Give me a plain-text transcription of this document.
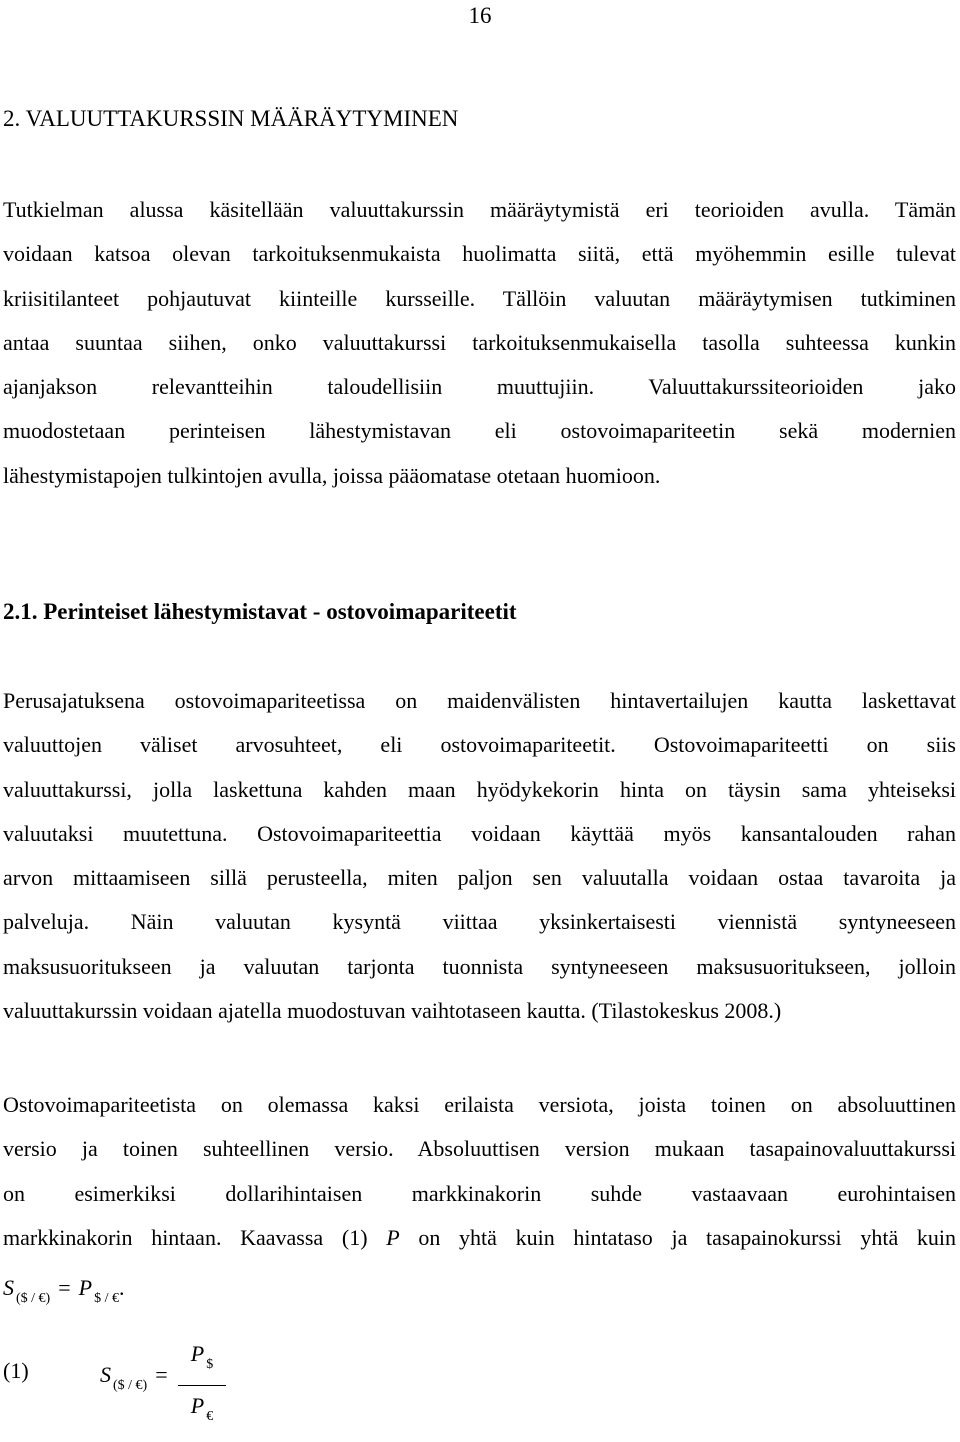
16
2. VALUUTTAKURSSIN MÄÄRÄYTYMINEN
Tutkielman alussa käsitellään valuuttakurssin määräytymistä eri teorioiden avulla. Tämän
voidaan katsoa olevan tarkoituksenmukaista huolimatta siitä, että myöhemmin esille tulevat
kriisitilanteet pohjautuvat kiinteille kursseille. Tällöin valuutan määräytymisen tutkiminen
antaa suuntaa siihen, onko valuuttakurssi tarkoituksenmukaisella tasolla suhteessa kunkin
ajanjakson relevantteihin taloudellisiin muuttujiin. Valuuttakurssiteorioiden jako
muodostetaan perinteisen lähestymistavan eli ostovoimapariteetin sekä modernien
lähestymistapojen tulkintojen avulla, joissa pääomatase otetaan huomioon.
2.1. Perinteiset lähestymistavat - ostovoimapariteetit
Perusajatuksena ostovoimapariteetissa on maidenvälisten hintavertailujen kautta laskettavat
valuuttojen väliset arvosuhteet, eli ostovoimapariteetit. Ostovoimapariteetti on siis
valuuttakurssi, jolla laskettuna kahden maan hyödykekorin hinta on täysin sama yhteiseksi
valuutaksi muutettuna. Ostovoimapariteettia voidaan käyttää myös kansantalouden rahan
arvon mittaamiseen sillä perusteella, miten paljon sen valuutalla voidaan ostaa tavaroita ja
palveluja. Näin valuutan kysyntä viittaa yksinkertaisesti viennistä syntyneeseen
maksusuoritukseen ja valuutan tarjonta tuonnista syntyneeseen maksusuoritukseen, jolloin
valuuttakurssin voidaan ajatella muodostuvan vaihtotaseen kautta. (Tilastokeskus 2008.)
Ostovoimapariteetista on olemassa kaksi erilaista versiota, joista toinen on absoluuttinen
versio ja toinen suhteellinen versio. Absoluuttisen version mukaan tasapainovaluuttakurssi
on esimerkiksi dollarihintaisen markkinakorin suhde vastaavaan eurohintaisen
markkinakorin hintaan. Kaavassa (1) P on yhtä kuin hintataso ja tasapainokurssi yhtä kuin
S $_{(\$ / €)}$ = P $_{\$ / €}$.
(1)	S $_{(\$ / €)}$ =
P $_{\$}$
P $_€$
